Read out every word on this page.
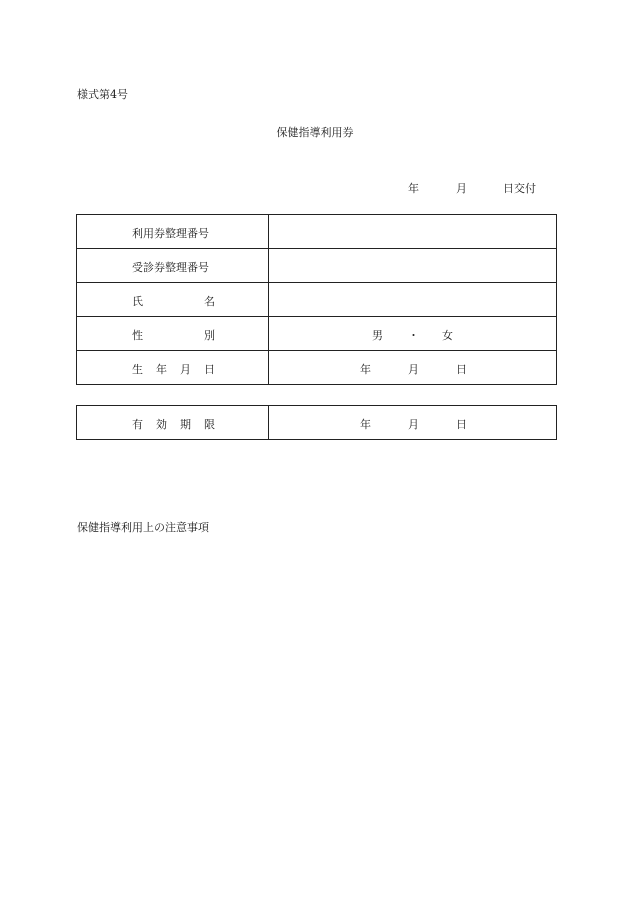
様式第4号
保健指導利用券
年	月	日交付
利用券整理番号	

受診券整理番号	

氏 名	

性 別	男 ・ 女

生 年 月 日	年 月 日
有 効 期 限	年	月	日
保健指導利用上の注意事項
